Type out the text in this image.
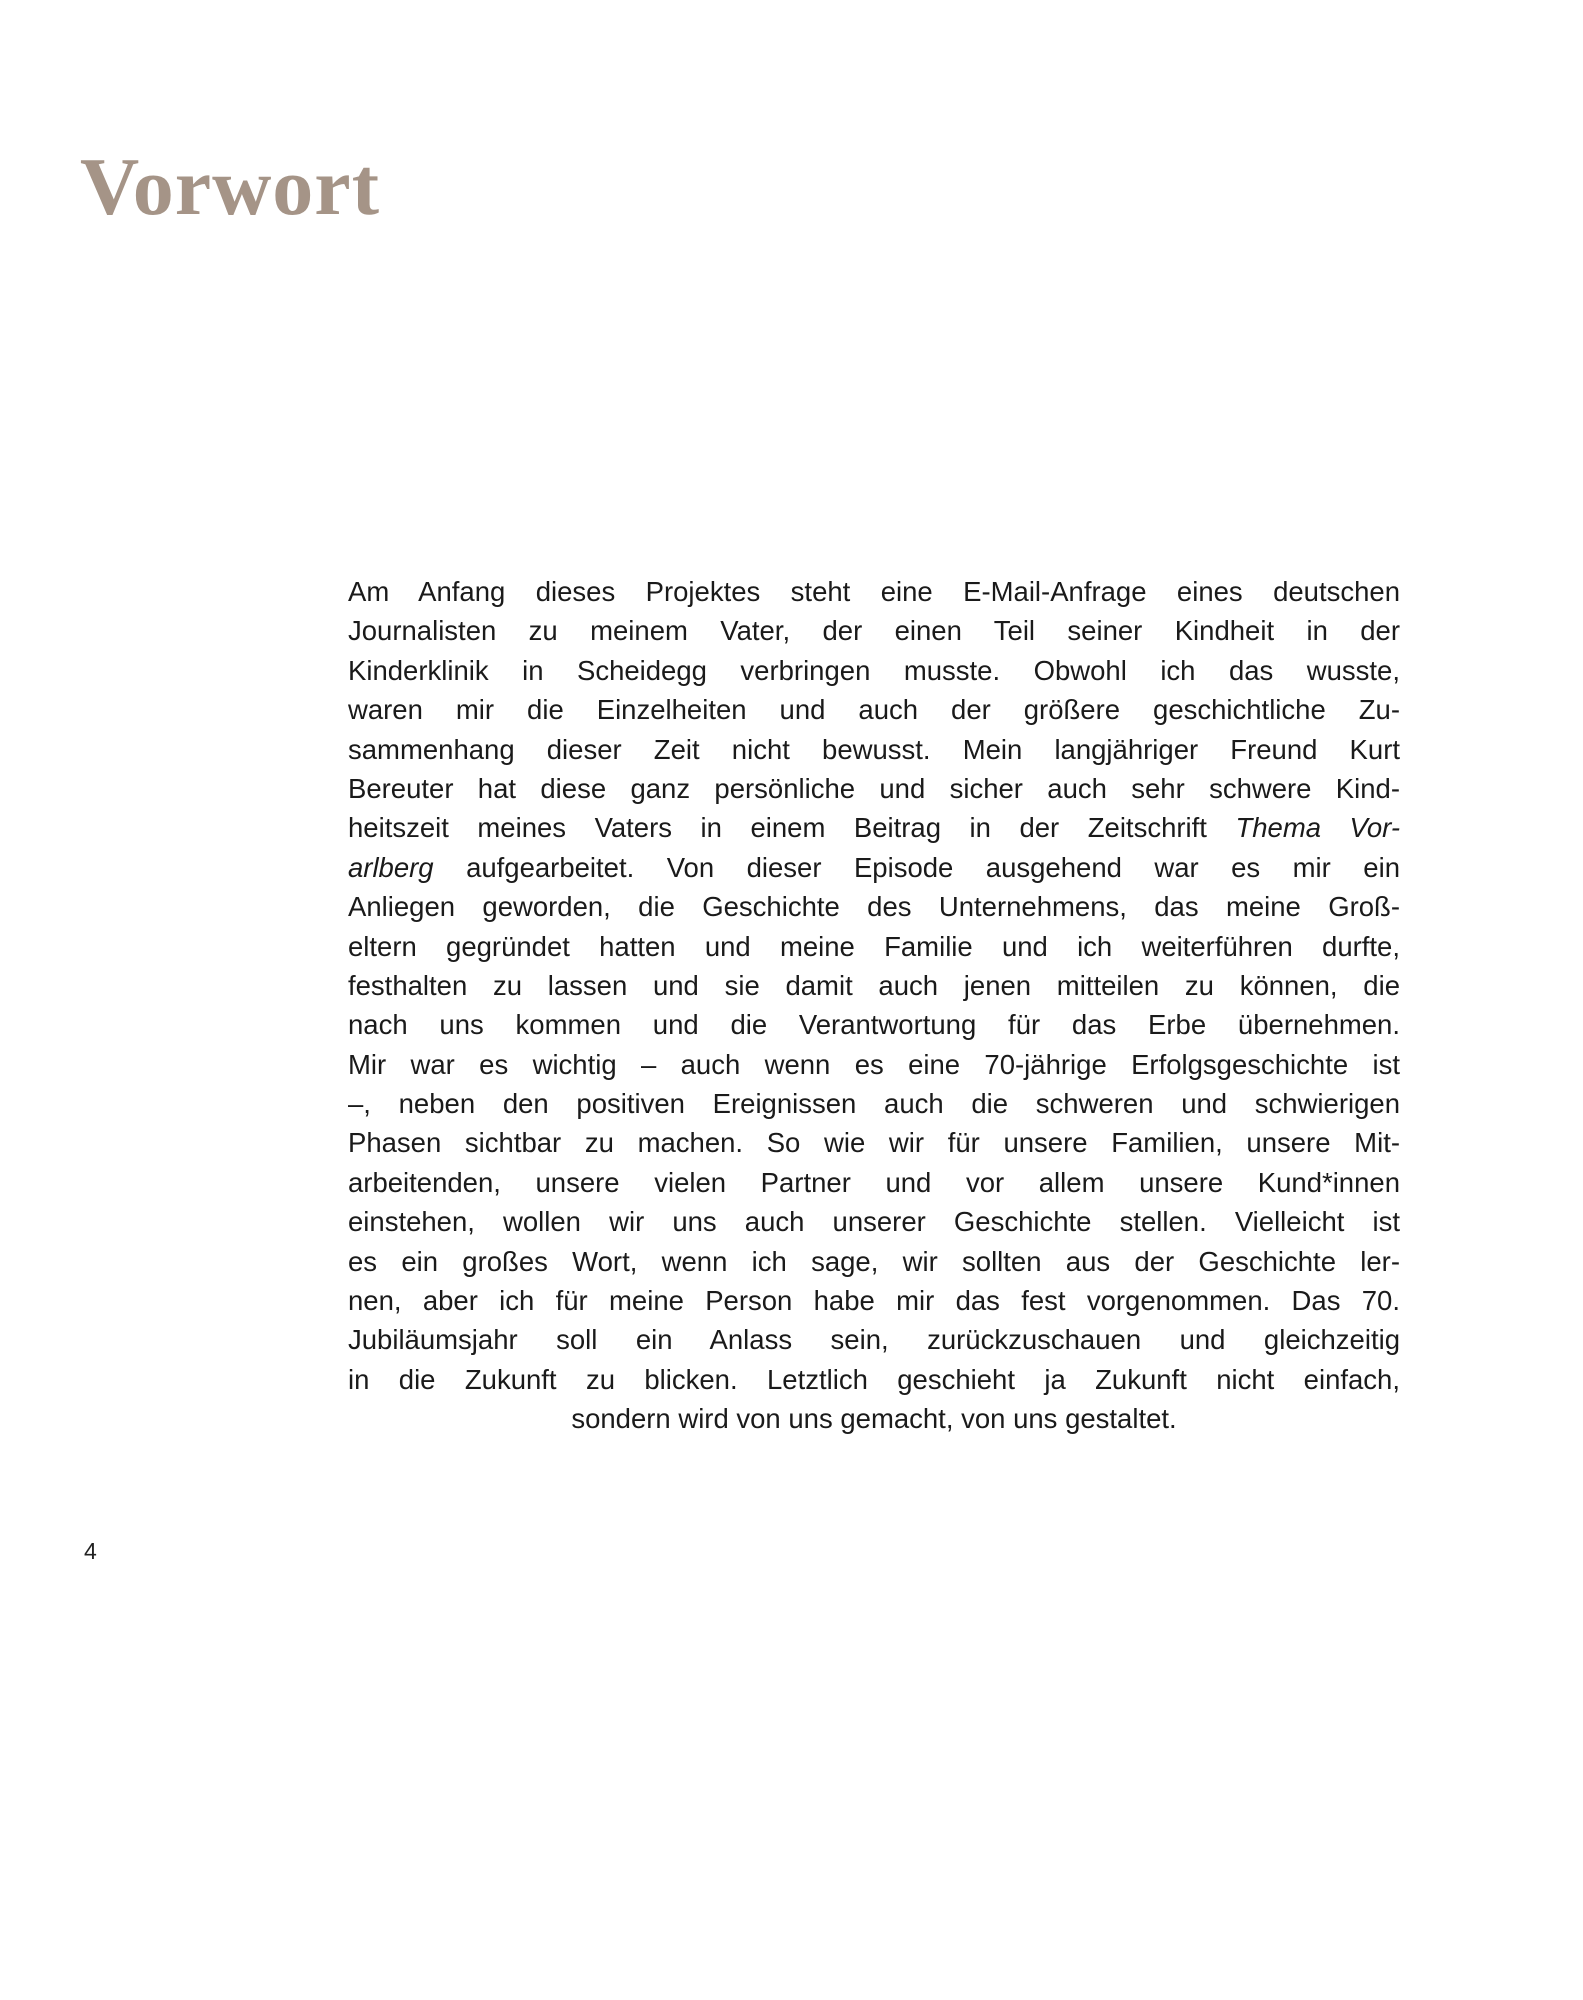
Vorwort
Am Anfang dieses Projektes steht eine E-Mail-Anfrage eines deutschen
Journalisten zu meinem Vater, der einen Teil seiner Kindheit in der
Kinderklinik in Scheidegg verbringen musste. Obwohl ich das wusste,
waren mir die Einzelheiten und auch der größere geschichtliche Zu-
sammenhang dieser Zeit nicht bewusst. Mein langjähriger Freund Kurt
Bereuter hat diese ganz persönliche und sicher auch sehr schwere Kind-
heitszeit meines Vaters in einem Beitrag in der Zeitschrift Thema Vor-
arlberg aufgearbeitet. Von dieser Episode ausgehend war es mir ein
Anliegen geworden, die Geschichte des Unternehmens, das meine Groß-
eltern gegründet hatten und meine Familie und ich weiterführen durfte,
festhalten zu lassen und sie damit auch jenen mitteilen zu können, die
nach uns kommen und die Verantwortung für das Erbe übernehmen.
Mir war es wichtig – auch wenn es eine 70-jährige Erfolgsgeschichte ist
–, neben den positiven Ereignissen auch die schweren und schwierigen
Phasen sichtbar zu machen. So wie wir für unsere Familien, unsere Mit-
arbeitenden, unsere vielen Partner und vor allem unsere Kund*innen
einstehen, wollen wir uns auch unserer Geschichte stellen. Vielleicht ist
es ein großes Wort, wenn ich sage, wir sollten aus der Geschichte ler-
nen, aber ich für meine Person habe mir das fest vorgenommen. Das 70.
Jubiläumsjahr soll ein Anlass sein, zurückzuschauen und gleichzeitig
in die Zukunft zu blicken. Letztlich geschieht ja Zukunft nicht einfach,
sondern wird von uns gemacht, von uns gestaltet.
4
